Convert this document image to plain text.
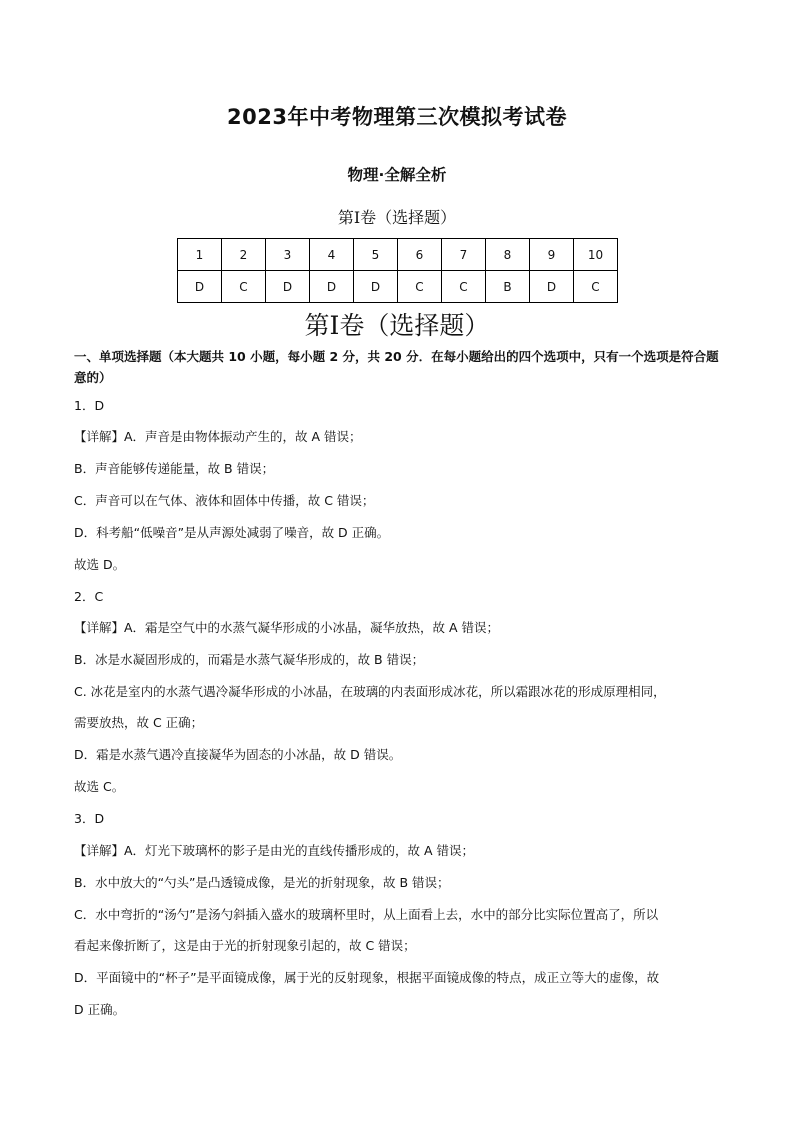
2023年中考物理第三次模拟考试卷
物理·全解全析
第Ⅰ卷（选择题）
1	2	3	4	5	6	7	8	9	10
D	C	D	D	D	C	C	B	D	C
第Ⅰ卷（选择题）
一、单项选择题（本大题共 10 小题，每小题 2 分，共 20 分．在每小题给出的四个选项中，只有一个选项是符合题意的）
1．D
【详解】A．声音是由物体振动产生的，故 A 错误；
B．声音能够传递能量，故 B 错误；
C．声音可以在气体、液体和固体中传播，故 C 错误；
D．科考船“低噪音”是从声源处减弱了噪音，故 D 正确。
故选 D。
2．C
【详解】A．霜是空气中的水蒸气凝华形成的小冰晶，凝华放热，故 A 错误；
B．冰是水凝固形成的，而霜是水蒸气凝华形成的，故 B 错误；
C. 冰花是室内的水蒸气遇冷凝华形成的小冰晶，在玻璃的内表面形成冰花，所以霜跟冰花的形成原理相同，
需要放热，故 C 正确；
D．霜是水蒸气遇冷直接凝华为固态的小冰晶，故 D 错误。
故选 C。
3．D
【详解】A．灯光下玻璃杯的影子是由光的直线传播形成的，故 A 错误；
B．水中放大的“勺头”是凸透镜成像，是光的折射现象，故 B 错误；
C．水中弯折的“汤勺”是汤勺斜插入盛水的玻璃杯里时，从上面看上去，水中的部分比实际位置高了，所以
看起来像折断了，这是由于光的折射现象引起的，故 C 错误；
D．平面镜中的“杯子”是平面镜成像，属于光的反射现象，根据平面镜成像的特点，成正立等大的虚像，故
D 正确。
